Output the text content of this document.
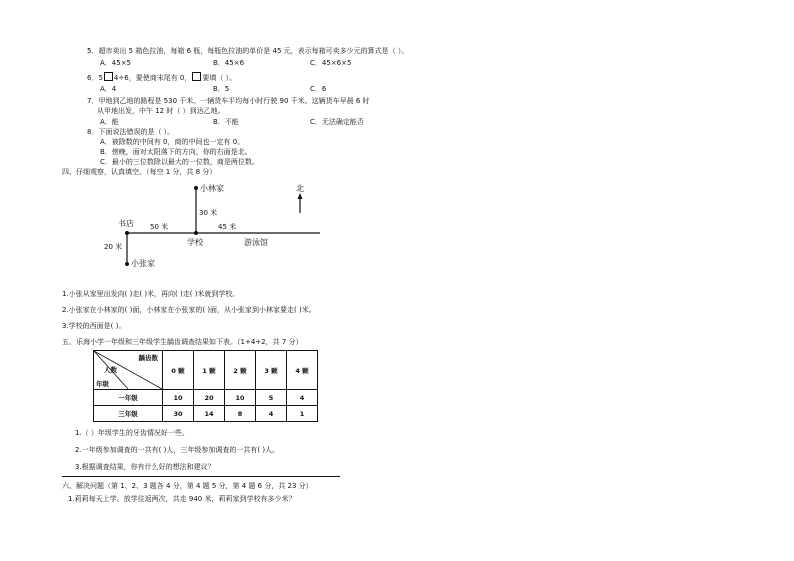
5．超市卖出 5 箱色拉油，每箱 6 瓶，每瓶色拉油的单价是 45 元，表示每箱可卖多少元的算式是（ ）。
A．45×5	B．45×6	C．45×6×5
6．5 4÷6，要使商末尾有 0， 要填（ ）。
A．4	B．5	C．6
7．甲地到乙地的路程是 530 千米。一辆货车平均每小时行驶 90 千米。这辆货车早晨 6 时
从甲地出发，中午 12 时（ ）到达乙地。
A．能	B．不能	C．无法确定能否
8．下面说法错误的是（ ）。
A．被除数的中间有 0，商的中间也一定有 0。
B．傍晚，面对太阳落下的方向，你的右面是北。
C．最小的三位数除以最大的一位数，商是两位数。
四、仔细观察，认真填空。（每空 1 分，共 8 分）
小林家	北
30 米
书店 50 米	45 米
学校	游泳馆
20 米
小张家
1.小张从家里出发向( )走( )米，再向( )走( )米就到学校。
2.小张家在小林家的( )面，小林家在小张家的( )面，从小张家到小林家要走( )米。
3.学校的西面是( )。
五、乐海小学一年级和三年级学生龋齿调查结果如下表。（1+4+2，共 7 分）
龋齿数
人数
年级	0 颗	1 颗	2 颗	3 颗	4 颗
一年级	10	20	10	5	4
三年级	30	14	8	4	1
1.（ ）年级学生的牙齿情况好一些。
2.一年级参加调查的一共有( )人，三年级参加调查的一共有( )人。
3.根据调查结果，你有什么好的想法和建议？
六、解决问题（第 1、2、3 题各 4 分，第 4 题 5 分，第 4 题 6 分，共 23 分）
1.莉莉每天上学、放学往返两次，共走 940 米，莉莉家到学校有多少米？
